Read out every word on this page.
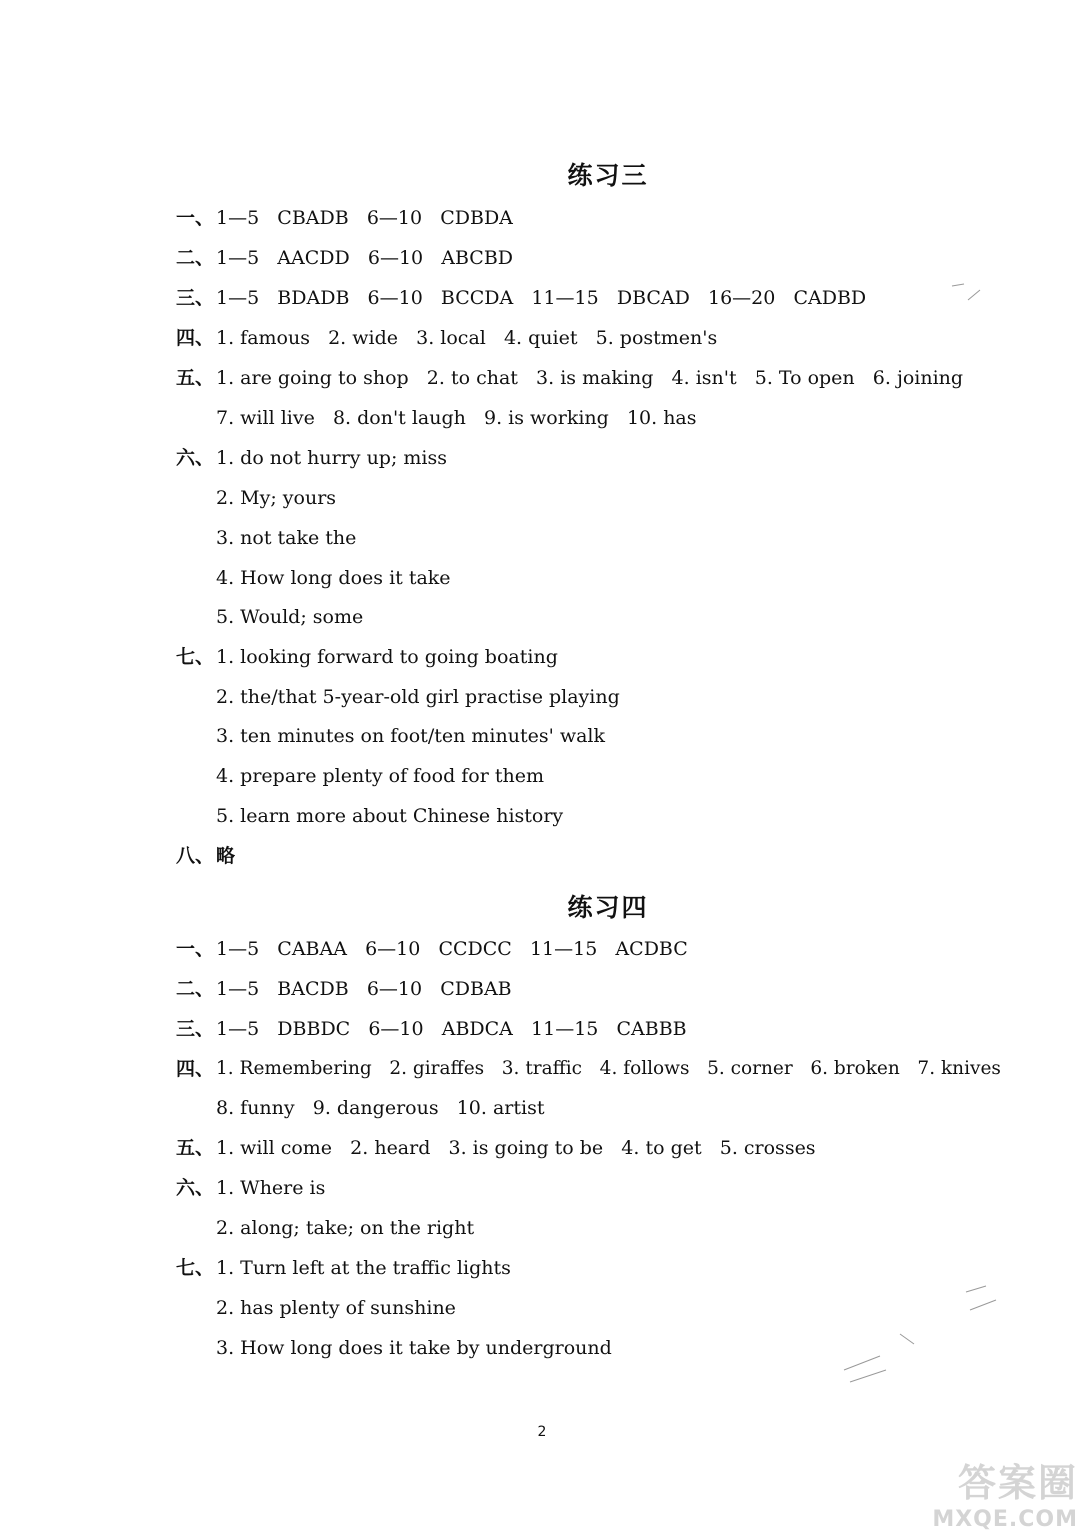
练习三
一、 1—5   CBADB   6—10   CDBDA
二、 1—5   AACDD   6—10   ABCBD
三、 1—5   BDADB   6—10   BCCDA   11—15   DBCAD   16—20   CADBD
四、 1. famous   2. wide   3. local   4. quiet   5. postmen's
五、 1. are going to shop   2. to chat   3. is making   4. isn't   5. To open   6. joining
7. will live   8. don't laugh   9. is working   10. has
六、 1. do not hurry up; miss
2. My; yours
3. not take the
4. How long does it take
5. Would; some
七、 1. looking forward to going boating
2. the/that 5-year-old girl practise playing
3. ten minutes on foot/ten minutes' walk
4. prepare plenty of food for them
5. learn more about Chinese history
八、 略
练习四
一、 1—5   CABAA   6—10   CCDCC   11—15   ACDBC
二、 1—5   BACDB   6—10   CDBAB
三、 1—5   DBBDC   6—10   ABDCA   11—15   CABBB
四、 1. Remembering   2. giraffes   3. traffic   4. follows   5. corner   6. broken   7. knives
8. funny   9. dangerous   10. artist
五、 1. will come   2. heard   3. is going to be   4. to get   5. crosses
六、 1. Where is
2. along; take; on the right
七、 1. Turn left at the traffic lights
2. has plenty of sunshine
3. How long does it take by underground
2
答案圈
MXQE.COM
